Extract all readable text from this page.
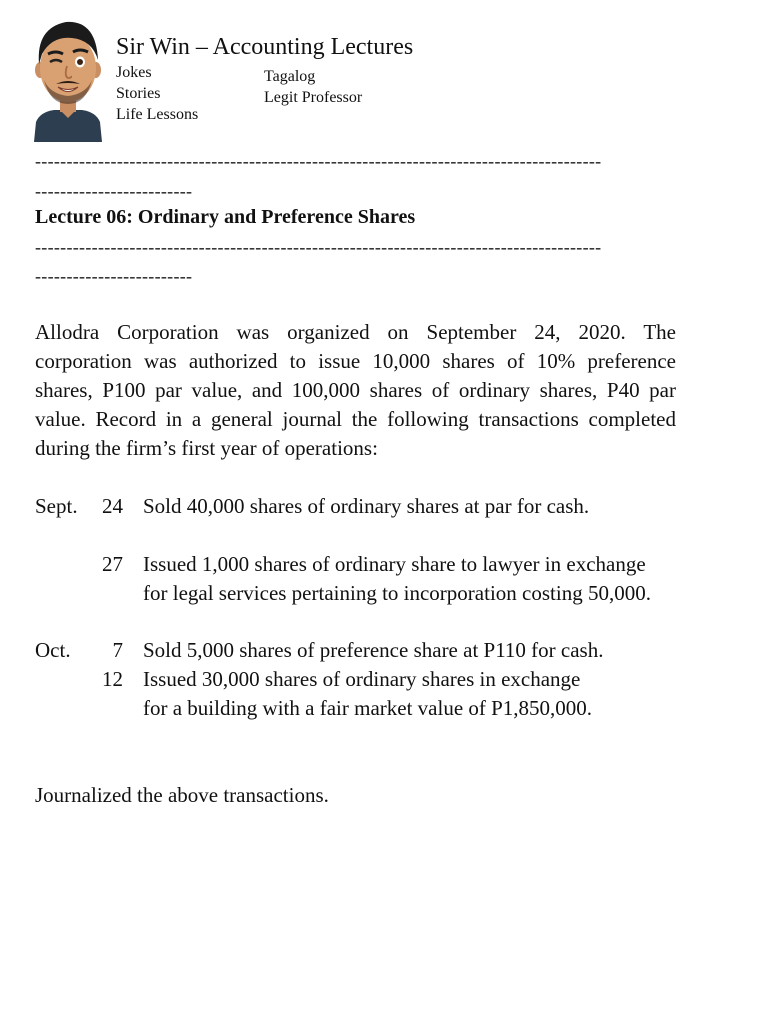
Sir Win – Accounting Lectures
Jokes
Stories
Life Lessons
Tagalog
Legit Professor
------------------------------------------------------------------------------------------
-------------------------
Lecture 06: Ordinary and Preference Shares
------------------------------------------------------------------------------------------
-------------------------
Allodra Corporation was organized on September 24, 2020. The corporation was authorized to issue 10,000 shares of 10% preference shares, P100 par value, and 100,000 shares of ordinary shares, P40 par value. Record in a general journal the following transactions completed during the firm’s first year of operations:
Sept. 24 Sold 40,000 shares of ordinary shares at par for cash.
27 Issued 1,000 shares of ordinary share to lawyer in exchange for legal services pertaining to incorporation costing 50,000.
Oct. 7 Sold 5,000 shares of preference share at P110 for cash.
12 Issued 30,000 shares of ordinary shares in exchange for a building with a fair market value of P1,850,000.
Journalized the above transactions.
